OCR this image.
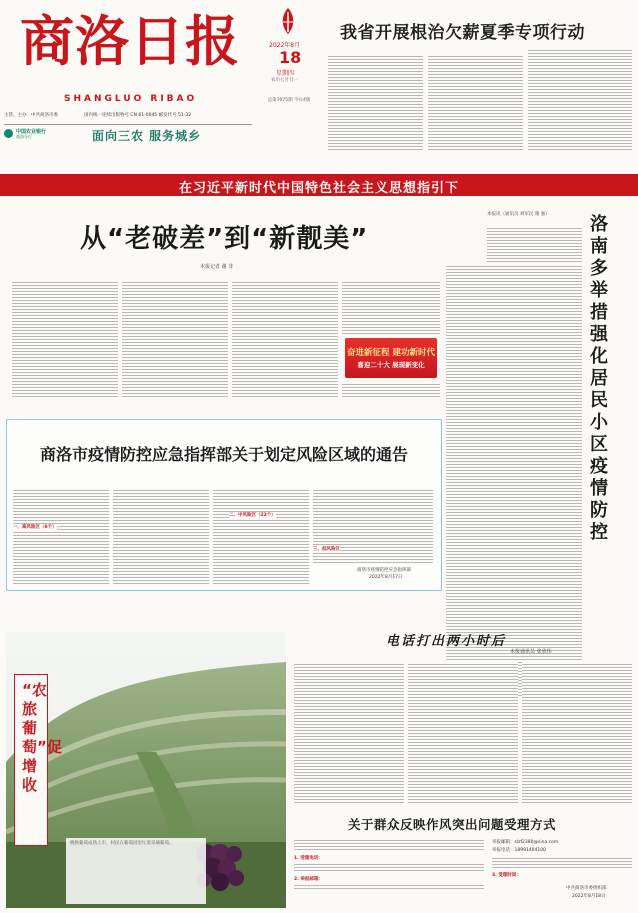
商洛日报
SHANGLUO RIBAO
主管、主办：中共商洛市委	国内统一连续出版物号 CN 61-0045 邮发代号 51-32
中国农业银行
商洛分行	面向三农 服务城乡
2022年8月
18
星期四
农历七月廿一
总第7075期 今日4版
我省开展根治欠薪夏季专项行动
在习近平新时代中国特色社会主义思想指引下
从“老破差”到“新靓美”
本报记者 谢 非
奋进新征程 建功新时代
喜迎二十大 展现新变化
本报讯（通讯员 刘军民 谢 强）	洛南多举措强化居民小区疫情防控
商洛市疫情防控应急指挥部关于划定风险区域的通告
一、高风险区（8个）
二、中风险区（23个）
三、低风险区
商洛市疫情防控应急指挥部
2022年8月17日
“农旅葡萄”促增收
晚秋葡萄成熟上市，村民在葡萄园里忙着采摘葡萄。
电话打出两小时后
本报通讯员 张欣伟
关于群众反映作风突出问题受理方式
1. 受理电话：
2. 举报邮箱：
举报邮箱：slzf2380@sina.com
举报电话：18991404100
3. 受理时间：
中共商洛市委组织部
2022年8月18日
